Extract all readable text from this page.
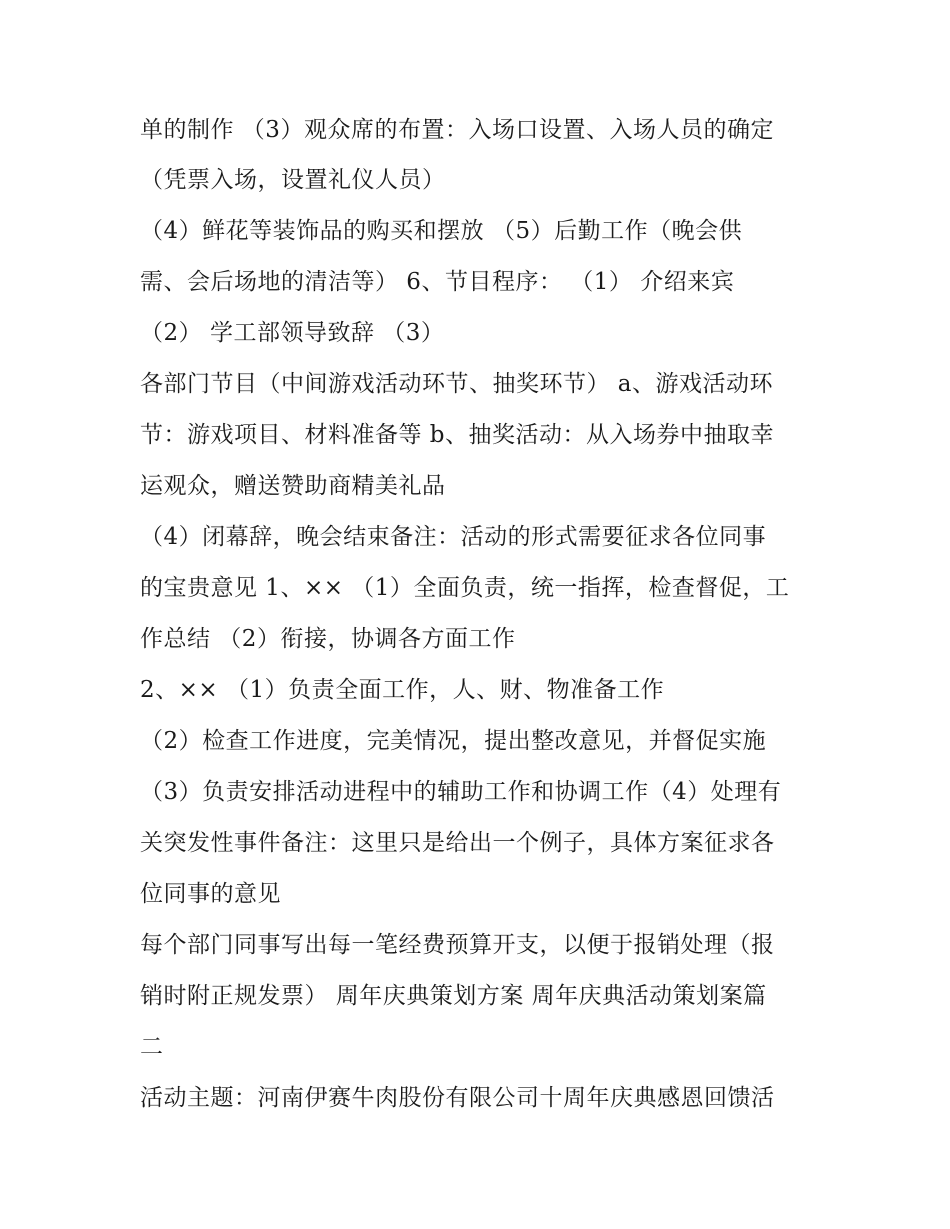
单的制作 （3）观众席的布置：入场口设置、入场人员的确定
（凭票入场，设置礼仪人员）
（4）鲜花等装饰品的购买和摆放 （5）后勤工作（晚会供
需、会后场地的清洁等） 6、节目程序： （1） 介绍来宾
（2） 学工部领导致辞 （3）
各部门节目（中间游戏活动环节、抽奖环节） a、游戏活动环
节：游戏项目、材料准备等 b、抽奖活动：从入场券中抽取幸
运观众，赠送赞助商精美礼品
（4）闭幕辞，晚会结束备注：活动的形式需要征求各位同事
的宝贵意见 1、×× （1）全面负责，统一指挥，检查督促，工
作总结 （2）衔接，协调各方面工作
2、×× （1）负责全面工作，人、财、物准备工作
（2）检查工作进度，完美情况，提出整改意见，并督促实施
（3）负责安排活动进程中的辅助工作和协调工作（4）处理有
关突发性事件备注：这里只是给出一个例子，具体方案征求各
位同事的意见
每个部门同事写出每一笔经费预算开支，以便于报销处理（报
销时附正规发票） 周年庆典策划方案 周年庆典活动策划案篇
二
活动主题：河南伊赛牛肉股份有限公司十周年庆典感恩回馈活
